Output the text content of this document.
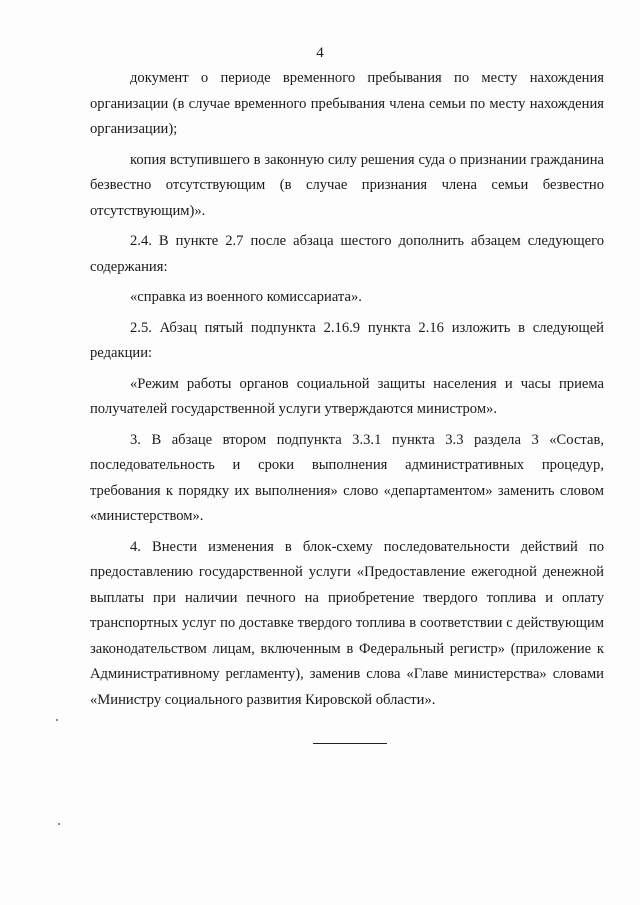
4

документ о периоде временного пребывания по месту нахождения организации (в случае временного пребывания члена семьи по месту нахождения организации);

копия вступившего в законную силу решения суда о признании гражданина безвестно отсутствующим (в случае признания члена семьи безвестно отсутствующим)».

2.4. В пункте 2.7 после абзаца шестого дополнить абзацем следующего содержания:

«справка из военного комиссариата».

2.5. Абзац пятый подпункта 2.16.9 пункта 2.16 изложить в следующей редакции:

«Режим работы органов социальной защиты населения и часы приема получателей государственной услуги утверждаются министром».

3. В абзаце втором подпункта 3.3.1 пункта 3.3 раздела 3 «Состав, последовательность и сроки выполнения административных процедур, требования к порядку их выполнения» слово «департаментом» заменить словом «министерством».

4. Внести изменения в блок-схему последовательности действий по предоставлению государственной услуги «Предоставление ежегодной денежной выплаты при наличии печного на приобретение твердого топлива и оплату транспортных услуг по доставке твердого топлива в соответствии с действующим законодательством лицам, включенным в Федеральный регистр» (приложение к Административному регламенту), заменив слова «Главе министерства» словами «Министру социального развития Кировской области».
